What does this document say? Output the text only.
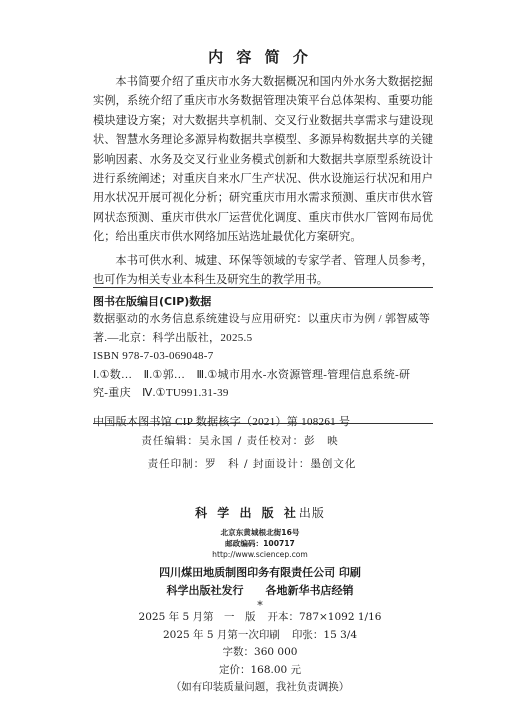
内 容 简 介

本书简要介绍了重庆市水务大数据概况和国内外水务大数据挖掘实例，系统介绍了重庆市水务数据管理决策平台总体架构、重要功能模块建设方案；对大数据共享机制、交叉行业数据共享需求与建设现状、智慧水务理论多源异构数据共享模型、多源异构数据共享的关键影响因素、水务及交叉行业业务模式创新和大数据共享原型系统设计进行系统阐述；对重庆自来水厂生产状况、供水设施运行状况和用户用水状况开展可视化分析；研究重庆市用水需求预测、重庆市供水管网状态预测、重庆市供水厂运营优化调度、重庆市供水厂管网布局优化；给出重庆市供水网络加压站选址最优化方案研究。

本书可供水利、城建、环保等领域的专家学者、管理人员参考，也可作为相关专业本科生及研究生的教学用书。

图书在版编目(CIP)数据
数据驱动的水务信息系统建设与应用研究：以重庆市为例 / 郭智威等
著.—北京：科学出版社，2025.5
ISBN 978-7-03-069048-7
Ⅰ.①数…　Ⅱ.①郭…　Ⅲ.①城市用水-水资源管理-管理信息系统-研
究-重庆　Ⅳ.①TU991.31-39
中国版本图书馆 CIP 数据核字（2021）第 108261 号
责任编辑：吴永国 / 责任校对：彭　映
责任印制：罗　科 / 封面设计：墨创文化
科 学 出 版 社出版
北京东黄城根北街16号
邮政编码：100717
http://www.sciencep.com
四川煤田地质制图印务有限责任公司 印刷
科学出版社发行　　各地新华书店经销
*
2025 年 5 月第　一　版 开本：787×1092 1/16
2025 年 5 月第一次印刷 印张：15 3/4
字数：360 000
定价：168.00 元
（如有印装质量问题，我社负责调换）
